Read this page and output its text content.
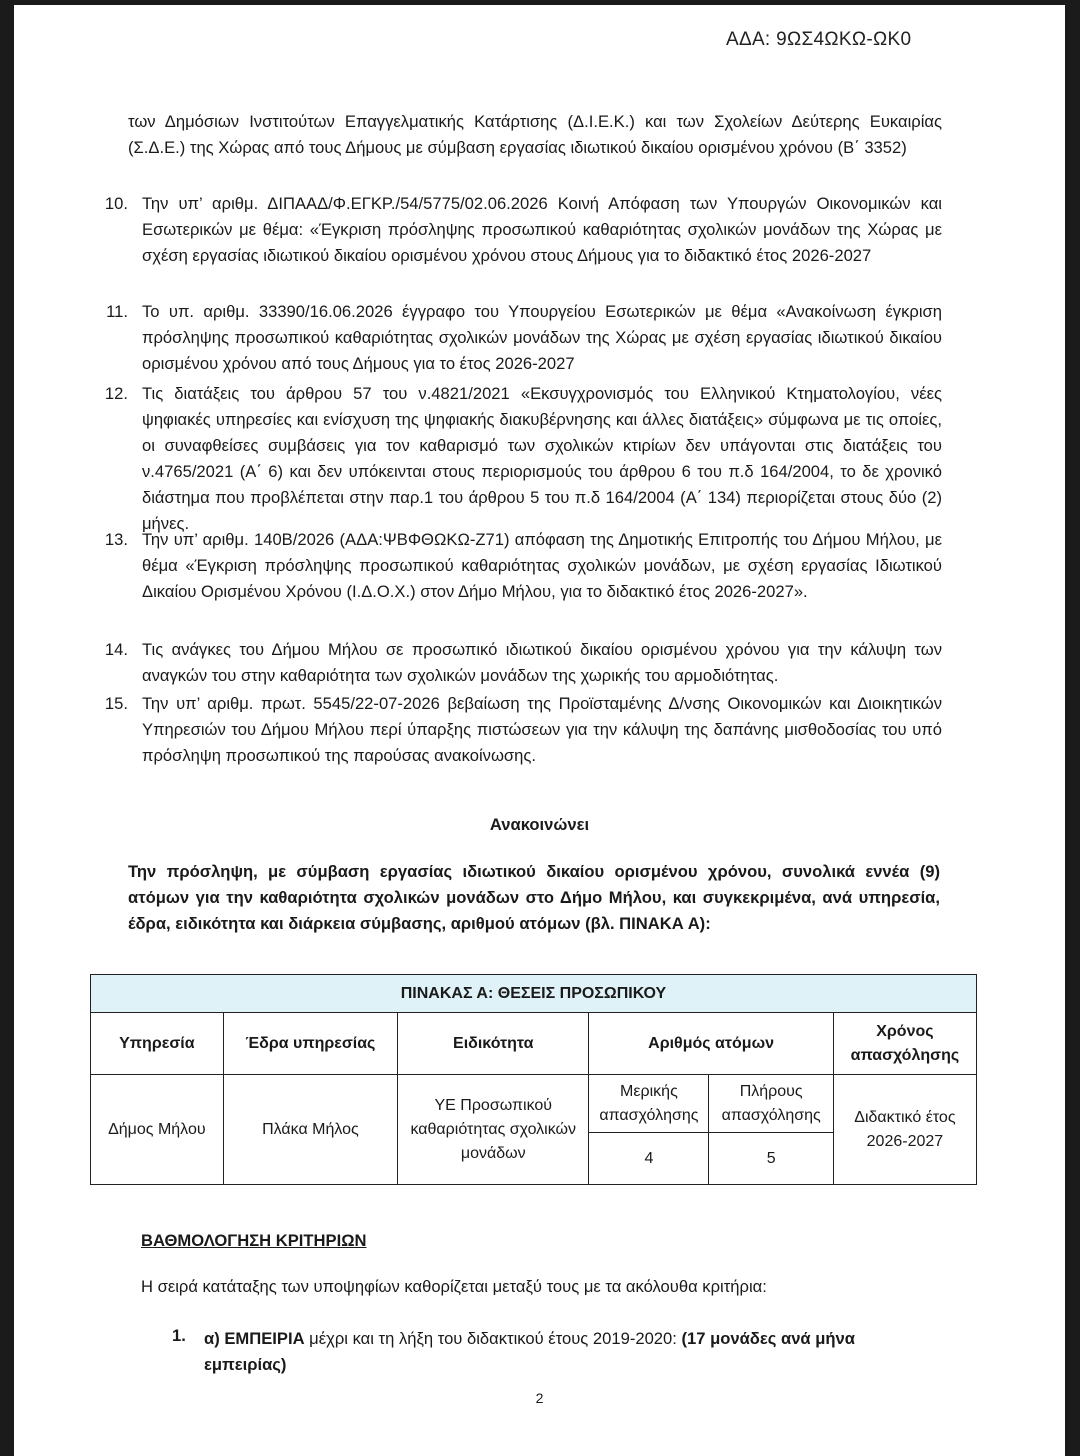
ΑΔΑ: 9ΩΣ4ΩΚΩ-ΩΚ0
των Δημόσιων Ινστιτούτων Επαγγελματικής Κατάρτισης (Δ.Ι.Ε.Κ.) και των Σχολείων Δεύτερης Ευκαιρίας (Σ.Δ.Ε.) της Χώρας από τους Δήμους με σύμβαση εργασίας ιδιωτικού δικαίου ορισμένου χρόνου (Β΄ 3352)
10. Την υπ’ αριθμ. ΔΙΠΑΑΔ/Φ.ΕΓΚΡ./54/5775/02.06.2026 Κοινή Απόφαση των Υπουργών Οικονομικών και Εσωτερικών με θέμα: «Έγκριση πρόσληψης προσωπικού καθαριότητας σχολικών μονάδων της Χώρας με σχέση εργασίας ιδιωτικού δικαίου ορισμένου χρόνου στους Δήμους για το διδακτικό έτος 2026-2027
11. Το υπ. αριθμ. 33390/16.06.2026 έγγραφο του Υπουργείου Εσωτερικών με θέμα «Ανακοίνωση έγκριση πρόσληψης προσωπικού καθαριότητας σχολικών μονάδων της Χώρας με σχέση εργασίας ιδιωτικού δικαίου ορισμένου χρόνου από τους Δήμους για το έτος 2026-2027
12. Τις διατάξεις του άρθρου 57 του ν.4821/2021 «Εκσυγχρονισμός του Ελληνικού Κτηματολογίου, νέες ψηφιακές υπηρεσίες και ενίσχυση της ψηφιακής διακυβέρνησης και άλλες διατάξεις» σύμφωνα με τις οποίες, οι συναφθείσες συμβάσεις για τον καθαρισμό των σχολικών κτιρίων δεν υπάγονται στις διατάξεις του ν.4765/2021 (Α΄ 6) και δεν υπόκεινται στους περιορισμούς του άρθρου 6 του π.δ 164/2004, το δε χρονικό διάστημα που προβλέπεται στην παρ.1 του άρθρου 5 του π.δ 164/2004 (Α΄ 134) περιορίζεται στους δύο (2) μήνες.
13. Την υπ’ αριθμ. 140Β/2026 (ΑΔΑ:ΨΒΦΘΩΚΩ-Ζ71) απόφαση της Δημοτικής Επιτροπής του Δήμου Μήλου, με θέμα «Έγκριση πρόσληψης προσωπικού καθαριότητας σχολικών μονάδων, με σχέση εργασίας Ιδιωτικού Δικαίου Ορισμένου Χρόνου (Ι.Δ.Ο.Χ.) στον Δήμο Μήλου, για το διδακτικό έτος 2026-2027».
14. Τις ανάγκες του Δήμου Μήλου σε προσωπικό ιδιωτικού δικαίου ορισμένου χρόνου για την κάλυψη των αναγκών του στην καθαριότητα των σχολικών μονάδων της χωρικής του αρμοδιότητας.
15. Την υπ’ αριθμ. πρωτ. 5545/22-07-2026 βεβαίωση της Προϊσταμένης Δ/νσης Οικονομικών και Διοικητικών Υπηρεσιών του Δήμου Μήλου περί ύπαρξης πιστώσεων για την κάλυψη της δαπάνης μισθοδοσίας του υπό πρόσληψη προσωπικού της παρούσας ανακοίνωσης.
Ανακοινώνει
Την πρόσληψη, με σύμβαση εργασίας ιδιωτικού δικαίου ορισμένου χρόνου, συνολικά εννέα (9) ατόμων για την καθαριότητα σχολικών μονάδων στο Δήμο Μήλου, και συγκεκριμένα, ανά υπηρεσία, έδρα, ειδικότητα και διάρκεια σύμβασης, αριθμού ατόμων (βλ. ΠΙΝΑΚΑ Α):
ΠΙΝΑΚΑΣ Α: ΘΕΣΕΙΣ ΠΡΟΣΩΠΙΚΟΥ					
Υπηρεσία	Έδρα υπηρεσίας	Ειδικότητα	Αριθμός ατόμων		Χρόνος απασχόλησης
Δήμος Μήλου	Πλάκα Μήλος	ΥΕ Προσωπικού καθαριότητας σχολικών μονάδων	Μερικής απασχόλησης	Πλήρους απασχόλησης	Διδακτικό έτος 2026-2027
			4	5	
ΒΑΘΜΟΛΟΓΗΣΗ ΚΡΙΤΗΡΙΩΝ
Η σειρά κατάταξης των υποψηφίων καθορίζεται μεταξύ τους με τα ακόλουθα κριτήρια:
1. α) ΕΜΠΕΙΡΙΑ μέχρι και τη λήξη του διδακτικού έτους 2019-2020: (17 μονάδες ανά μήνα εμπειρίας)
2
